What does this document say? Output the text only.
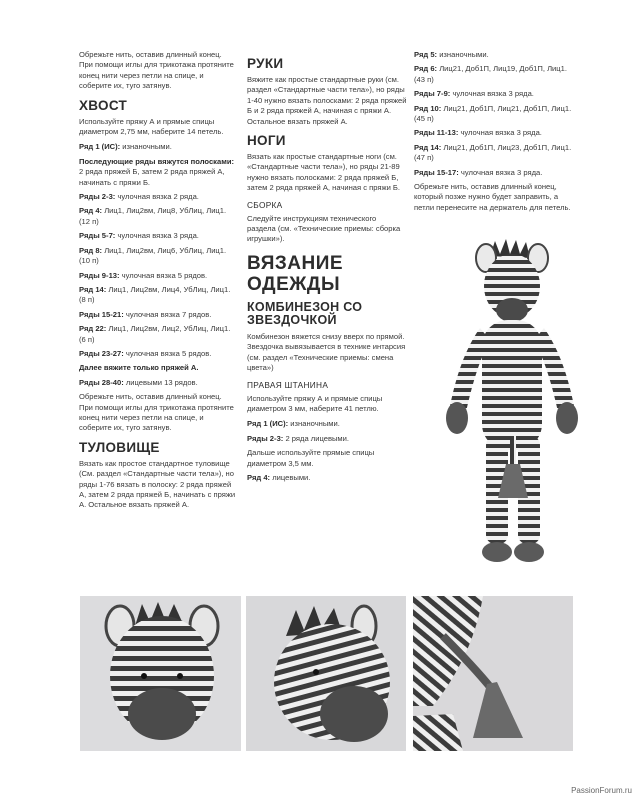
Обрежьте нить, оставив длинный конец. При помощи иглы для трикотажа протяните конец нити через петли на спице, и соберите их, туго затянув.

ХВОСТ

Используйте пряжу А и прямые спицы диаметром 2,75 мм, наберите 14 петель.

Ряд 1 (ИС): изнаночными.

Последующие ряды вяжутся полосками: 2 ряда пряжей Б, затем 2 ряда пряжей А, начинать с пряжи Б.

Ряды 2-3: чулочная вязка 2 ряда.

Ряд 4: Лиц1, Лиц2вм, Лиц8, УбЛиц, Лиц1. (12 п)

Ряды 5-7: чулочная вязка 3 ряда.

Ряд 8: Лиц1, Лиц2вм, Лиц6, УбЛиц, Лиц1. (10 п)

Ряды 9-13: чулочная вязка 5 рядов.

Ряд 14: Лиц1, Лиц2вм, Лиц4, УбЛиц, Лиц1. (8 п)

Ряды 15-21: чулочная вязка 7 рядов.

Ряд 22: Лиц1, Лиц2вм, Лиц2, УбЛиц, Лиц1. (6 п)

Ряды 23-27: чулочная вязка 5 рядов.

Далее вяжите только пряжей А.

Ряды 28-40: лицевыми 13 рядов.

Обрежьте нить, оставив длинный конец. При помощи иглы для трикотажа протяните конец нити через петли на спице, и соберите их, туго затянув.

ТУЛОВИЩЕ

Вязать как простое стандартное туловище (См. раздел «Стандартные части тела»), но ряды 1-76 вязать в полоску: 2 ряда пряжей А, затем 2 ряда пряжей Б, начинать с пряжи А. Остальное вязать пряжей А.

РУКИ

Вяжите как простые стандартные руки (см. раздел «Стандартные части тела»), но ряды 1-40 нужно вязать полосками: 2 ряда пряжей Б и 2 ряда пряжей А, начиная с пряжи А. Остальное вязать пряжей А.

НОГИ

Вязать как простые стандартные ноги (см. «Стандартные части тела»), но ряды 21-89 нужно вязать полосками: 2 ряда пряжей Б, затем 2 ряда пряжей А, начиная с пряжи Б.

СБОРКА

Следуйте инструкциям технического раздела (см. «Технические приемы: сборка игрушки»).

ВЯЗАНИЕ ОДЕЖДЫ
КОМБИНЕЗОН СО ЗВЕЗДОЧКОЙ

Комбинезон вяжется снизу вверх по прямой. Звездочка вывязывается в технике интарсия (см. раздел «Технические приемы: смена цвета»)

ПРАВАЯ ШТАНИНА

Используйте пряжу А и прямые спицы диаметром 3 мм, наберите 41 петлю.

Ряд 1 (ИС): изнаночными.

Ряды 2-3: 2 ряда лицевыми.

Дальше используйте прямые спицы диаметром 3,5 мм.

Ряд 4: лицевыми.

Ряд 5: изнаночными.

Ряд 6: Лиц21, Доб1П, Лиц19, Доб1П, Лиц1. (43 п)

Ряды 7-9: чулочная вязка 3 ряда.

Ряд 10: Лиц21, Доб1П, Лиц21, Доб1П, Лиц1. (45 п)

Ряды 11-13: чулочная вязка 3 ряда.

Ряд 14: Лиц21, Доб1П, Лиц23, Доб1П, Лиц1. (47 п)

Ряды 15-17: чулочная вязка 3 ряда.

Обрежьте нить, оставив длинный конец, который позже нужно будет заправить, а петли перенесите на держатель для петель.

PassionForum.ru
